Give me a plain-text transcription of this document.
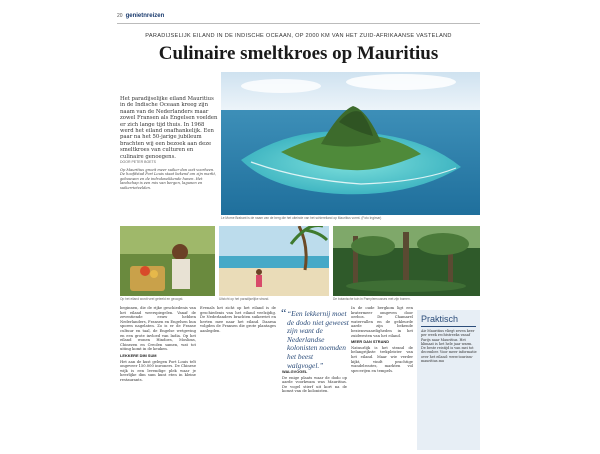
20 genietnreizen
PARADIJSELIJK EILAND IN DE INDISCHE OCEAAN, OP 2000 KM VAN HET ZUID-AFRIKAANSE VASTELAND
Culinaire smeltkroes op Mauritius
Het paradijselijke eiland Mauritius in de Indische Oceaan kreeg zijn naam van de Nederlanders maar zowel Fransen als Engelsen voelden er zich lange tijd thuis. In 1968 werd het eiland onafhankelijk. Een paar na het 50-jarige jubileum brachten wij een bezoek aan deze smeltkroes van culturen en culinaire genoegens.
DOOR PETER BOETS
Op Mauritius groeit meer suiker dan ooit voorheen. De hoofdstad Port Louis staat bekend om zijn markt, gebouwen en de indrukwekkende haven. Het landschap is een mix van bergen, lagunen en suikerrietvelden.
Le Morne Brabant is de naam van de berg die het uiteinde van het schiereiland op Mauritius vormt. (Foto Ingimar)
Op het eiland wordt veel geteeld en geoogst.	Uitzicht op het paradijselijke strand.	De botanische tuin in Pamplemousses met zijn bomen.
beginnen, die de rijke geschiedenis van het eiland weerspiegelen. Vanaf de zeventiende eeuw hebben Nederlanders, Fransen en Engelsen hun sporen nagelaten. Zo is er de Franse cultuur en taal, de Engelse wetgeving en een grote invloed van India. Op het eiland wonen Hindoes, Moslims, Chinezen en Creolen samen, wat tot uiting komt in de keuken.
LEKKERE DIM SUM
Het aan de kust gelegen Port Louis telt ongeveer 150.000 inwoners. De Chinese wijk is een levendige plek waar je heerlijke dim sum kunt eten in kleine restaurants.
Evenals het zicht op het eiland is de geschiedenis van het eiland veelzijdig. De Nederlanders brachten suikerriet en herten mee naar het eiland. Daarna volgden de Fransen die grote plantages aanlegden.
“ “Een lekkernij moet de dodo niet geweest zijn want de Nederlandse kolonisten noemden het beest walgvogel.”
WALGVOGEL
De enige plaats waar de dodo op aarde voorkwam was Mauritius. De vogel stierf uit kort na de komst van de kolonisten.
In de oude bergkom ligt een kratermeer omgeven door oerbos. De Chamarel watervallen en de gekleurde aarde zijn bekende bezienswaardigheden in het zuidwesten van het eiland.
MEER DAN STRAND
Natuurlijk is het strand de belangrijkste trekpleister van het eiland. Maar wie verder kijkt, vindt prachtige wandelroutes, markten vol specerijen en tempels.
Praktisch
Air Mauritius vliegt zeven keer per week rechtstreeks vanaf Parijs naar Mauritius. Het klimaat is het hele jaar warm. De beste reistijd is van mei tot december. Voor meer informatie over het eiland: www.tourism-mauritius.mu
